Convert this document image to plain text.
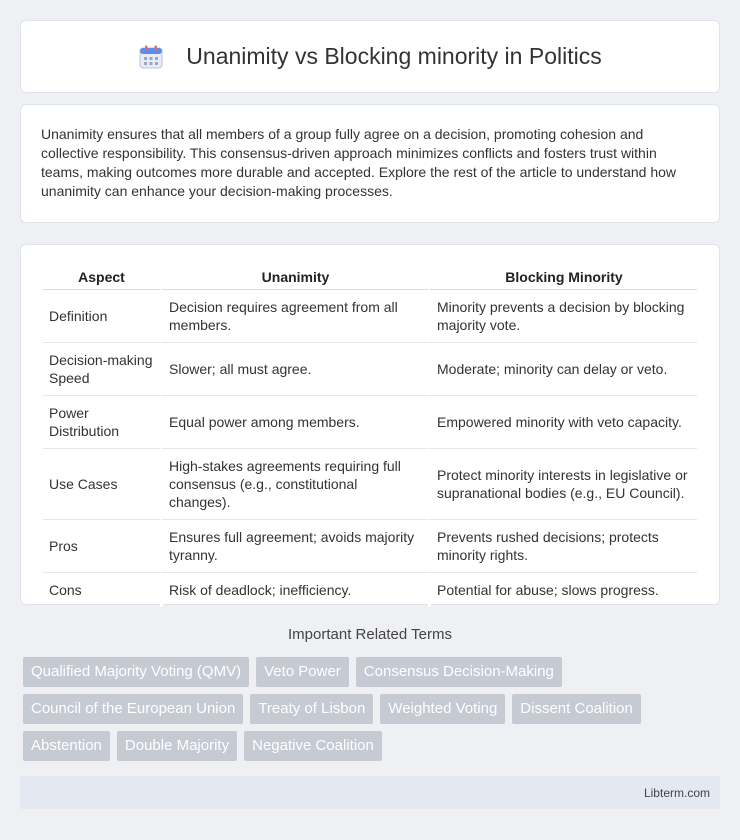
Unanimity vs Blocking minority in Politics

Unanimity ensures that all members of a group fully agree on a decision, promoting cohesion and collective responsibility. This consensus-driven approach minimizes conflicts and fosters trust within teams, making outcomes more durable and accepted. Explore the rest of the article to understand how unanimity can enhance your decision-making processes.

Aspect	Unanimity	Blocking Minority
Definition	Decision requires agreement from all members.	Minority prevents a decision by blocking majority vote.
Decision-making Speed	Slower; all must agree.	Moderate; minority can delay or veto.
Power Distribution	Equal power among members.	Empowered minority with veto capacity.
Use Cases	High-stakes agreements requiring full consensus (e.g., constitutional changes).	Protect minority interests in legislative or supranational bodies (e.g., EU Council).
Pros	Ensures full agreement; avoids majority tyranny.	Prevents rushed decisions; protects minority rights.
Cons	Risk of deadlock; inefficiency.	Potential for abuse; slows progress.
Important Related Terms
Qualified Majority Voting (QMV)	Veto Power	Consensus Decision-Making
Council of the European Union	Treaty of Lisbon	Weighted Voting	Dissent Coalition
Abstention	Double Majority	Negative Coalition
Libterm.com
